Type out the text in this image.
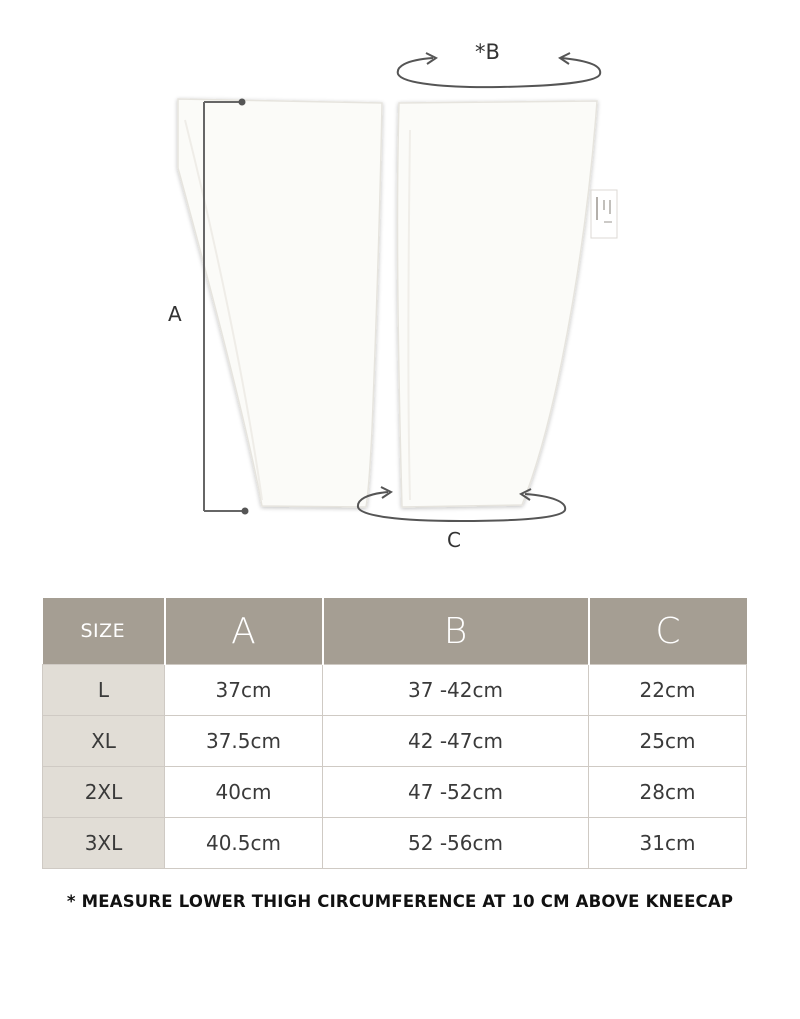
A
*B
C
SIZE	A	B	C
L	37cm	37 -42cm	22cm
XL	37.5cm	42 -47cm	25cm
2XL	40cm	47 -52cm	28cm
3XL	40.5cm	52 -56cm	31cm
* MEASURE LOWER THIGH CIRCUMFERENCE AT 10 CM ABOVE KNEECAP
